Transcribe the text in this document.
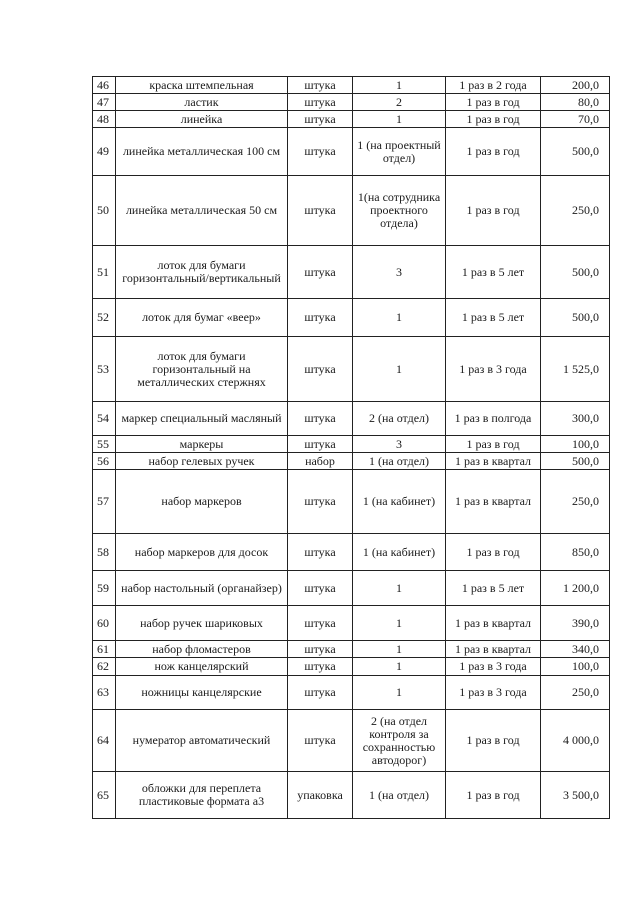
46	краска штемпельная	штука	1	1 раз в 2 года	200,0
47	ластик	штука	2	1 раз в год	80,0
48	линейка	штука	1	1 раз в год	70,0
49	линейка металлическая 100 см	штука	1 (на проектный отдел)	1 раз в год	500,0
50	линейка металлическая 50 см	штука	1(на сотрудника проектного отдела)	1 раз в год	250,0
51	лоток для бумаги горизонтальный/вертикальный	штука	3	1 раз в 5 лет	500,0
52	лоток для бумаг «веер»	штука	1	1 раз в 5 лет	500,0
53	лоток для бумаги горизонтальный на металлических стержнях	штука	1	1 раз в 3 года	1 525,0
54	маркер специальный масляный	штука	2 (на отдел)	1 раз в полгода	300,0
55	маркеры	штука	3	1 раз в год	100,0
56	набор гелевых ручек	набор	1 (на отдел)	1 раз в квартал	500,0
57	набор маркеров	штука	1 (на кабинет)	1 раз в квартал	250,0
58	набор маркеров для досок	штука	1 (на кабинет)	1 раз в год	850,0
59	набор настольный (органайзер)	штука	1	1 раз в 5 лет	1 200,0
60	набор ручек шариковых	штука	1	1 раз в квартал	390,0
61	набор фломастеров	штука	1	1 раз в квартал	340,0
62	нож канцелярский	штука	1	1 раз в 3 года	100,0
63	ножницы канцелярские	штука	1	1 раз в 3 года	250,0
64	нумератор автоматический	штука	2 (на отдел контроля за сохранностью автодорог)	1 раз в год	4 000,0
65	обложки для переплета пластиковые формата а3	упаковка	1 (на отдел)	1 раз в год	3 500,0
